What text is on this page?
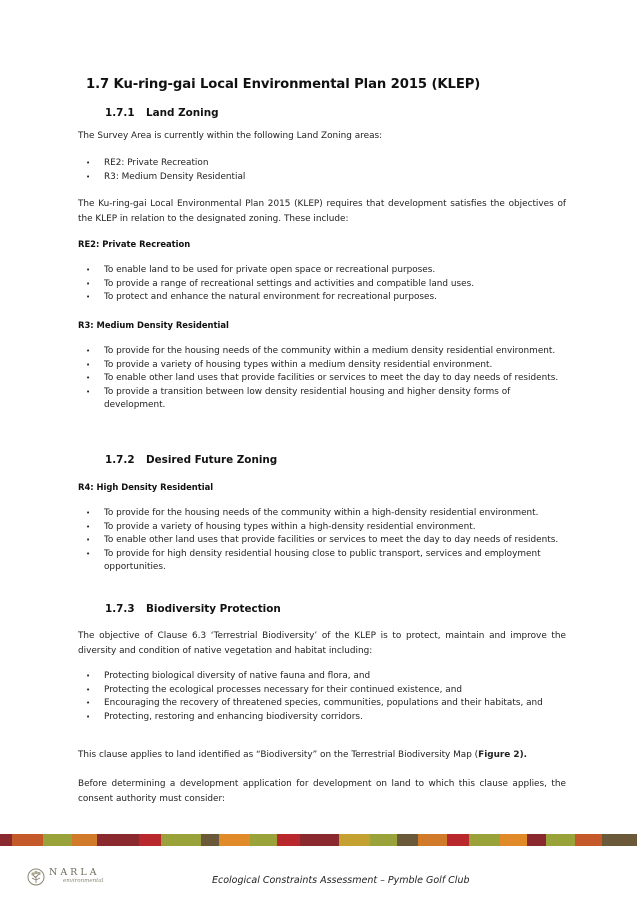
1.7 Ku-ring-gai Local Environmental Plan 2015 (KLEP)
1.7.1 Land Zoning
The Survey Area is currently within the following Land Zoning areas:
• RE2: Private Recreation
• R3: Medium Density Residential
The Ku-ring-gai Local Environmental Plan 2015 (KLEP) requires that development satisfies the objectives of the KLEP in relation to the designated zoning. These include:
RE2: Private Recreation
• To enable land to be used for private open space or recreational purposes.
• To provide a range of recreational settings and activities and compatible land uses.
• To protect and enhance the natural environment for recreational purposes.
R3: Medium Density Residential
• To provide for the housing needs of the community within a medium density residential environment.
• To provide a variety of housing types within a medium density residential environment.
• To enable other land uses that provide facilities or services to meet the day to day needs of residents.
• To provide a transition between low density residential housing and higher density forms of development.
1.7.2 Desired Future Zoning
R4: High Density Residential
• To provide for the housing needs of the community within a high-density residential environment.
• To provide a variety of housing types within a high-density residential environment.
• To enable other land uses that provide facilities or services to meet the day to day needs of residents.
• To provide for high density residential housing close to public transport, services and employment opportunities.
1.7.3 Biodiversity Protection
The objective of Clause 6.3 ‘Terrestrial Biodiversity’ of the KLEP is to protect, maintain and improve the diversity and condition of native vegetation and habitat including:
• Protecting biological diversity of native fauna and flora, and
• Protecting the ecological processes necessary for their continued existence, and
• Encouraging the recovery of threatened species, communities, populations and their habitats, and
• Protecting, restoring and enhancing biodiversity corridors.
This clause applies to land identified as “Biodiversity” on the Terrestrial Biodiversity Map (Figure 2).
Before determining a development application for development on land to which this clause applies, the consent authority must consider:
NARLA
environmental	Ecological Constraints Assessment – Pymble Golf Club
